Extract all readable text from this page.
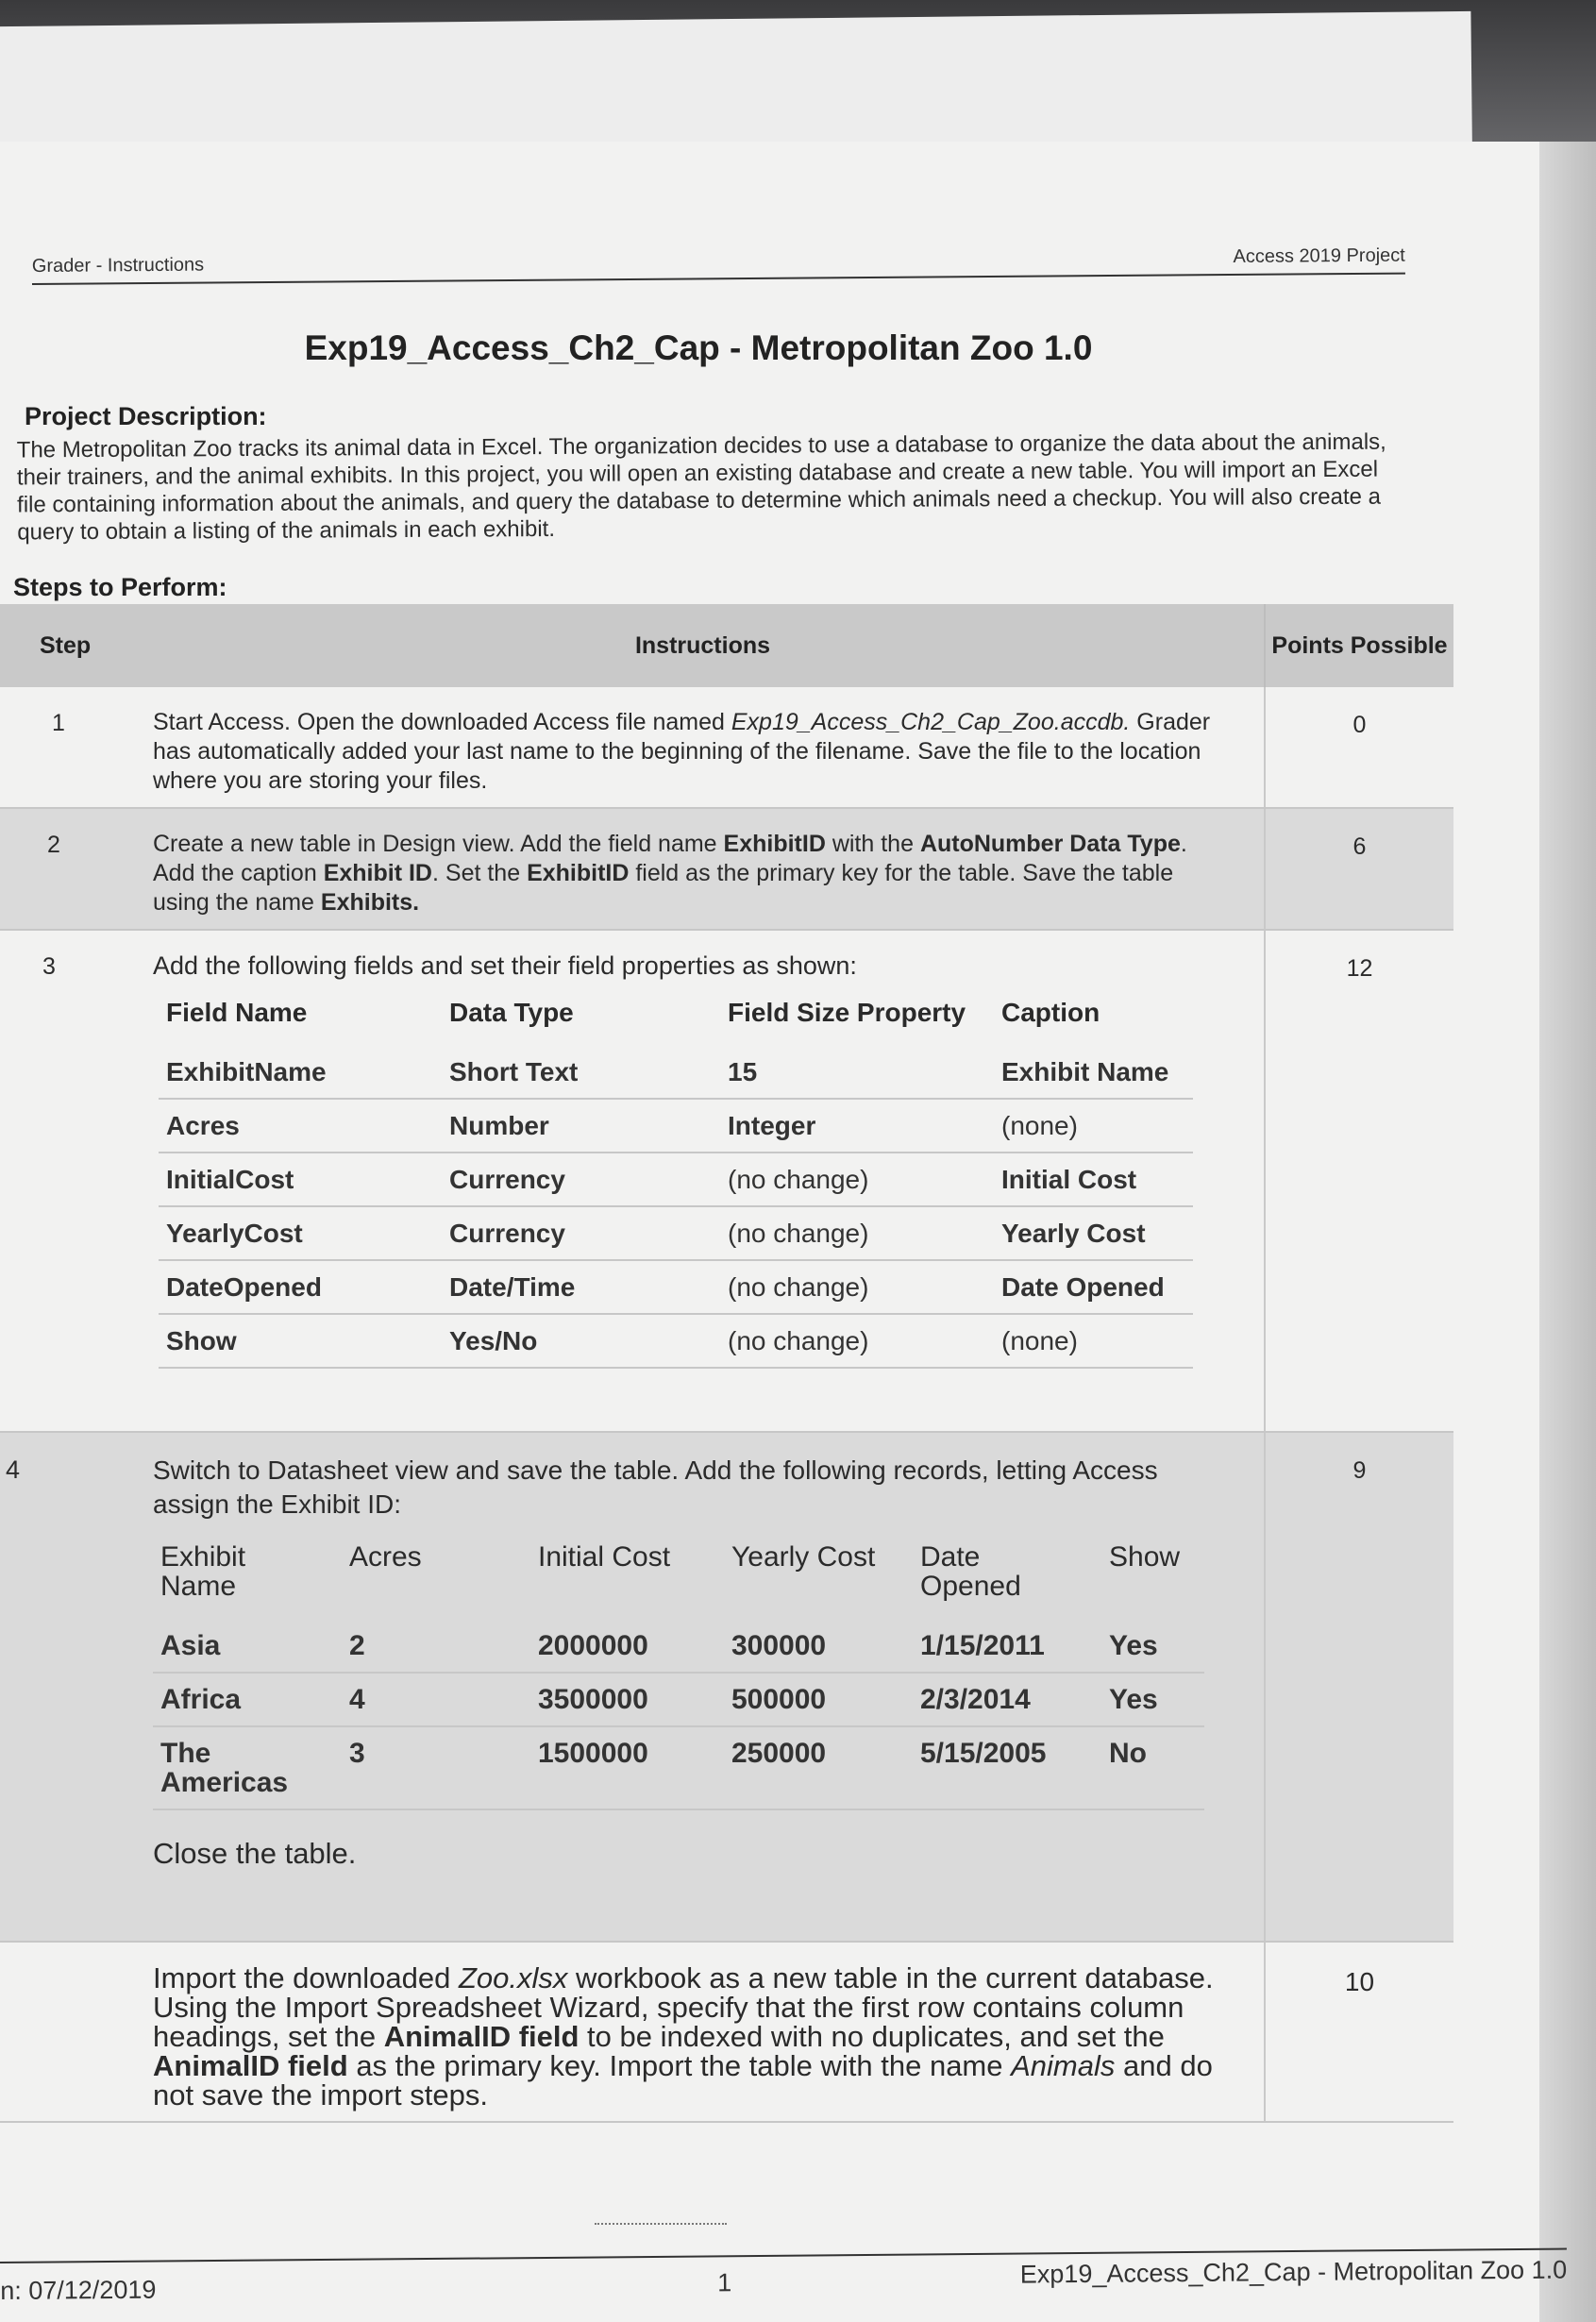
Grader - Instructions	Access 2019 Project
Exp19_Access_Ch2_Cap - Metropolitan Zoo 1.0
Project Description:
The Metropolitan Zoo tracks its animal data in Excel. The organization decides to use a database to organize the data about the animals, their trainers, and the animal exhibits. In this project, you will open an existing database and create a new table. You will import an Excel file containing information about the animals, and query the database to determine which animals need a checkup. You will also create a query to obtain a listing of the animals in each exhibit.
Steps to Perform:
Step	Instructions	Points Possible
1	Start Access. Open the downloaded Access file named Exp19_Access_Ch2_Cap_Zoo.accdb. Grader has automatically added your last name to the beginning of the filename. Save the file to the location where you are storing your files.	0
2	Create a new table in Design view. Add the field name ExhibitID with the AutoNumber Data Type. Add the caption Exhibit ID. Set the ExhibitID field as the primary key for the table. Save the table using the name Exhibits.	6
3	Add the following fields and set their field properties as shown:
Field Name	Data Type	Field Size Property	Caption
ExhibitName	Short Text	15	Exhibit Name
Acres	Number	Integer	(none)
InitialCost	Currency	(no change)	Initial Cost
YearlyCost	Currency	(no change)	Yearly Cost
DateOpened	Date/Time	(no change)	Date Opened
Show	Yes/No	(no change)	(none)
	12
4	Switch to Datasheet view and save the table. Add the following records, letting Access assign the Exhibit ID:
Exhibit Name	Acres	Initial Cost	Yearly Cost	Date Opened	Show
Asia	2	2000000	300000	1/15/2011	Yes
Africa	4	3500000	500000	2/3/2014	Yes
The Americas	3	1500000	250000	5/15/2005	No
Close the table.
	9
	Import the downloaded Zoo.xlsx workbook as a new table in the current database. Using the Import Spreadsheet Wizard, specify that the first row contains column headings, set the AnimalID field to be indexed with no duplicates, and set the AnimalID field as the primary key. Import the table with the name Animals and do not save the import steps.	10
n: 07/12/2019	1	Exp19_Access_Ch2_Cap - Metropolitan Zoo 1.0
